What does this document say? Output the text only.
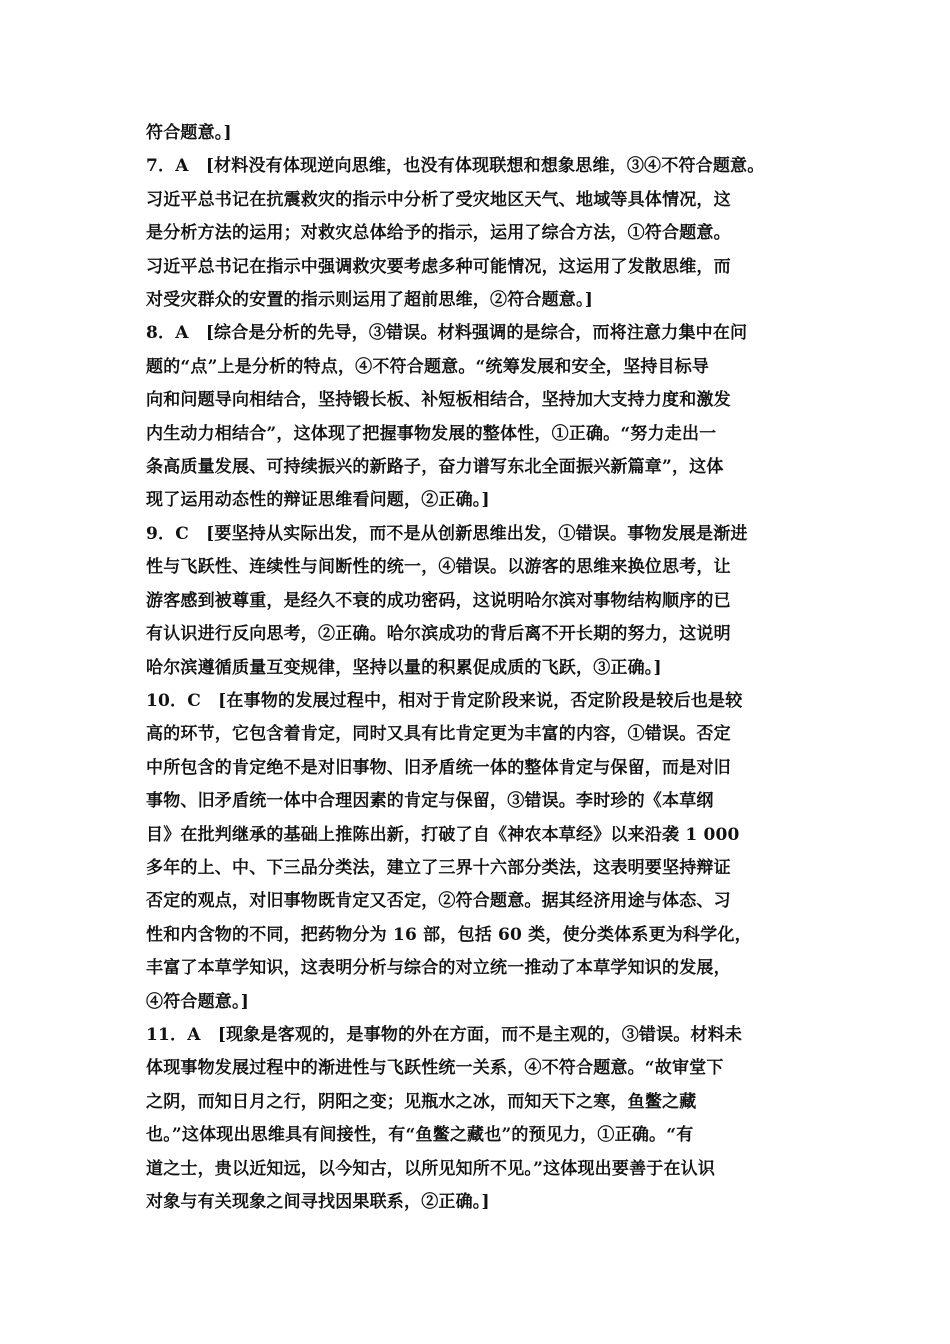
符合题意。]

7．A　[材料没有体现逆向思维，也没有体现联想和想象思维，③④不符合题意。

习近平总书记在抗震救灾的指示中分析了受灾地区天气、地域等具体情况，这

是分析方法的运用；对救灾总体给予的指示，运用了综合方法，①符合题意。

习近平总书记在指示中强调救灾要考虑多种可能情况，这运用了发散思维，而

对受灾群众的安置的指示则运用了超前思维，②符合题意。]

8．A　[综合是分析的先导，③错误。材料强调的是综合，而将注意力集中在问

题的“点”上是分析的特点，④不符合题意。“统筹发展和安全，坚持目标导

向和问题导向相结合，坚持锻长板、补短板相结合，坚持加大支持力度和激发

内生动力相结合”，这体现了把握事物发展的整体性，①正确。“努力走出一

条高质量发展、可持续振兴的新路子，奋力谱写东北全面振兴新篇章”，这体

现了运用动态性的辩证思维看问题，②正确。]

9．C　[要坚持从实际出发，而不是从创新思维出发，①错误。事物发展是渐进

性与飞跃性、连续性与间断性的统一，④错误。以游客的思维来换位思考，让

游客感到被尊重，是经久不衰的成功密码，这说明哈尔滨对事物结构顺序的已

有认识进行反向思考，②正确。哈尔滨成功的背后离不开长期的努力，这说明

哈尔滨遵循质量互变规律，坚持以量的积累促成质的飞跃，③正确。]

10．C　[在事物的发展过程中，相对于肯定阶段来说，否定阶段是较后也是较

高的环节，它包含着肯定，同时又具有比肯定更为丰富的内容，①错误。否定

中所包含的肯定绝不是对旧事物、旧矛盾统一体的整体肯定与保留，而是对旧

事物、旧矛盾统一体中合理因素的肯定与保留，③错误。李时珍的《本草纲

目》在批判继承的基础上推陈出新，打破了自《神农本草经》以来沿袭 1 000

多年的上、中、下三品分类法，建立了三界十六部分类法，这表明要坚持辩证

否定的观点，对旧事物既肯定又否定，②符合题意。据其经济用途与体态、习

性和内含物的不同，把药物分为 16 部，包括 60 类，使分类体系更为科学化，

丰富了本草学知识，这表明分析与综合的对立统一推动了本草学知识的发展，

④符合题意。]

11．A　[现象是客观的，是事物的外在方面，而不是主观的，③错误。材料未

体现事物发展过程中的渐进性与飞跃性统一关系，④不符合题意。“故审堂下

之阴，而知日月之行，阴阳之变；见瓶水之冰，而知天下之寒，鱼鳖之藏

也。”这体现出思维具有间接性，有“鱼鳖之藏也”的预见力，①正确。“有

道之士，贵以近知远，以今知古，以所见知所不见。”这体现出要善于在认识

对象与有关现象之间寻找因果联系，②正确。]
